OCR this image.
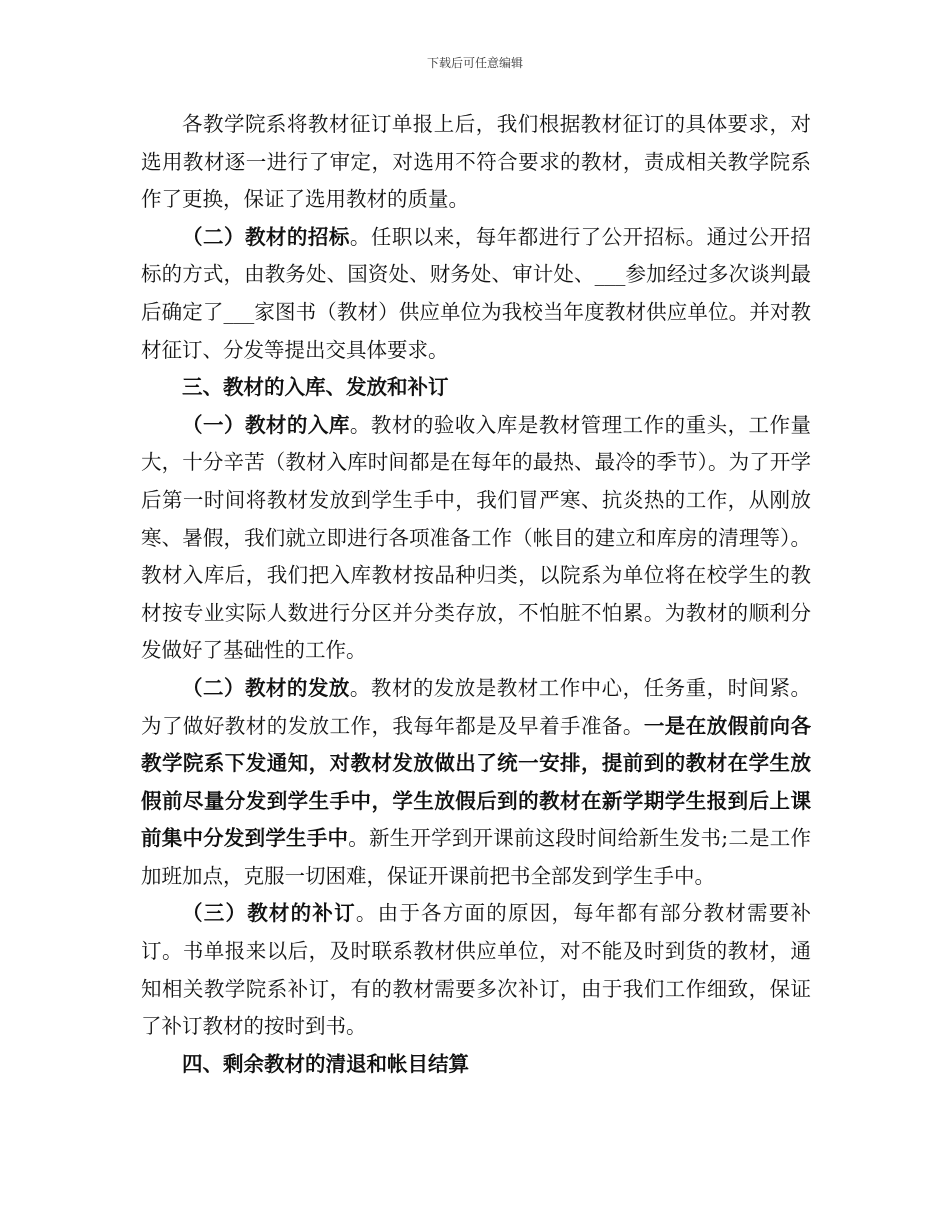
下载后可任意编辑

各教学院系将教材征订单报上后，我们根据教材征订的具体要求，对选用教材逐一进行了审定，对选用不符合要求的教材，责成相关教学院系作了更换，保证了选用教材的质量。

（二）教材的招标。任职以来，每年都进行了公开招标。通过公开招标的方式，由教务处、国资处、财务处、审计处、___参加经过多次谈判最后确定了___家图书（教材）供应单位为我校当年度教材供应单位。并对教材征订、分发等提出交具体要求。

三、教材的入库、发放和补订

（一）教材的入库。教材的验收入库是教材管理工作的重头，工作量大，十分辛苦（教材入库时间都是在每年的最热、最冷的季节）。为了开学后第一时间将教材发放到学生手中，我们冒严寒、抗炎热的工作，从刚放寒、暑假，我们就立即进行各项准备工作（帐目的建立和库房的清理等）。教材入库后，我们把入库教材按品种归类，以院系为单位将在校学生的教材按专业实际人数进行分区并分类存放，不怕脏不怕累。为教材的顺利分发做好了基础性的工作。

（二）教材的发放。教材的发放是教材工作中心，任务重，时间紧。为了做好教材的发放工作，我每年都是及早着手准备。一是在放假前向各教学院系下发通知，对教材发放做出了统一安排，提前到的教材在学生放假前尽量分发到学生手中，学生放假后到的教材在新学期学生报到后上课前集中分发到学生手中。新生开学到开课前这段时间给新生发书;二是工作加班加点，克服一切困难，保证开课前把书全部发到学生手中。

（三）教材的补订。由于各方面的原因，每年都有部分教材需要补订。书单报来以后，及时联系教材供应单位，对不能及时到货的教材，通知相关教学院系补订，有的教材需要多次补订，由于我们工作细致，保证了补订教材的按时到书。

四、剩余教材的清退和帐目结算
